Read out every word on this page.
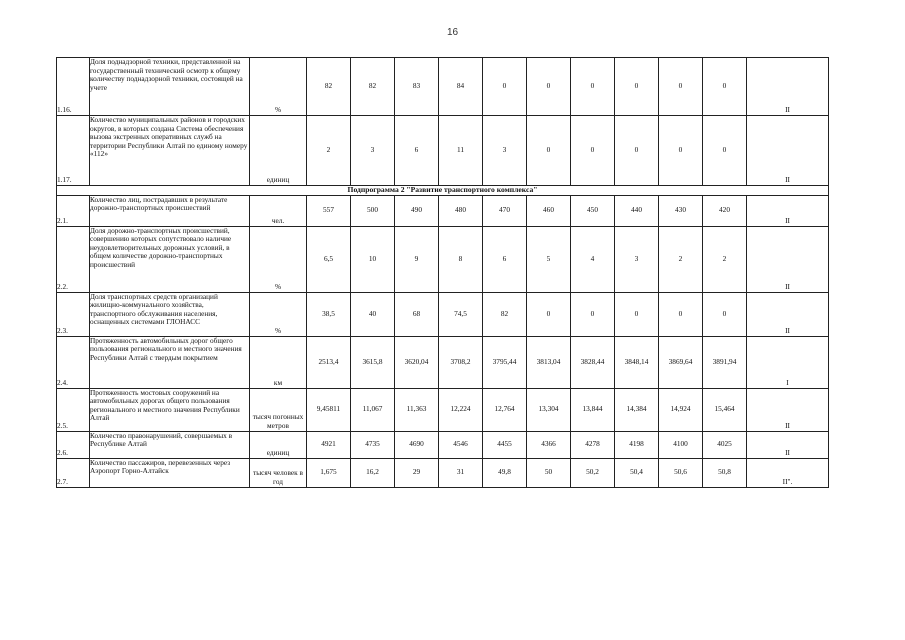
16
1.16.	Доля поднадзорной техники, представленной на государственный технический осмотр к общему количеству поднадзорной техники, состоящей на учете	%	82	82	83	84	0	0	0	0	0	0	II
1.17.	Количество муниципальных районов и городских округов, в которых создана Система обеспечения вызова экстренных оперативных служб на территории Республики Алтай по единому номеру «112»	единиц	2	3	6	11	3	0	0	0	0	0	II
Подпрограмма 2 "Развитие транспортного комплекса"													
2.1.	Количество лиц, пострадавших в результате дорожно-транспортных происшествий	чел.	557	500	490	480	470	460	450	440	430	420	II
2.2.	Доля дорожно-транспортных происшествий, совершению которых сопутствовало наличие неудовлетворительных дорожных условий, в общем количестве дорожно-транспортных происшествий	%	6,5	10	9	8	6	5	4	3	2	2	II
2.3.	Доля транспортных средств организаций жилищно-коммунального хозяйства, транспортного обслуживания населения, оснащенных системами ГЛОНАСС	%	38,5	40	68	74,5	82	0	0	0	0	0	II
2.4.	Протяженность автомобильных дорог общего пользования регионального и местного значения Республики Алтай с твердым покрытием	км	2513,4	3615,8	3620,04	3708,2	3795,44	3813,04	3828,44	3848,14	3869,64	3891,94	I
2.5.	Протяженность мостовых сооружений на автомобильных дорогах общего пользования регионального и местного значения Республики Алтай	тысяч погонных метров	9,45811	11,067	11,363	12,224	12,764	13,304	13,844	14,384	14,924	15,464	II
2.6.	Количество правонарушений, совершаемых в Республике Алтай	единиц	4921	4735	4690	4546	4455	4366	4278	4198	4100	4025	II
2.7.	Количество пассажиров, перевезенных через Аэропорт Горно-Алтайск	тысяч человек в год	1,675	16,2	29	31	49,8	50	50,2	50,4	50,6	50,8	II".
